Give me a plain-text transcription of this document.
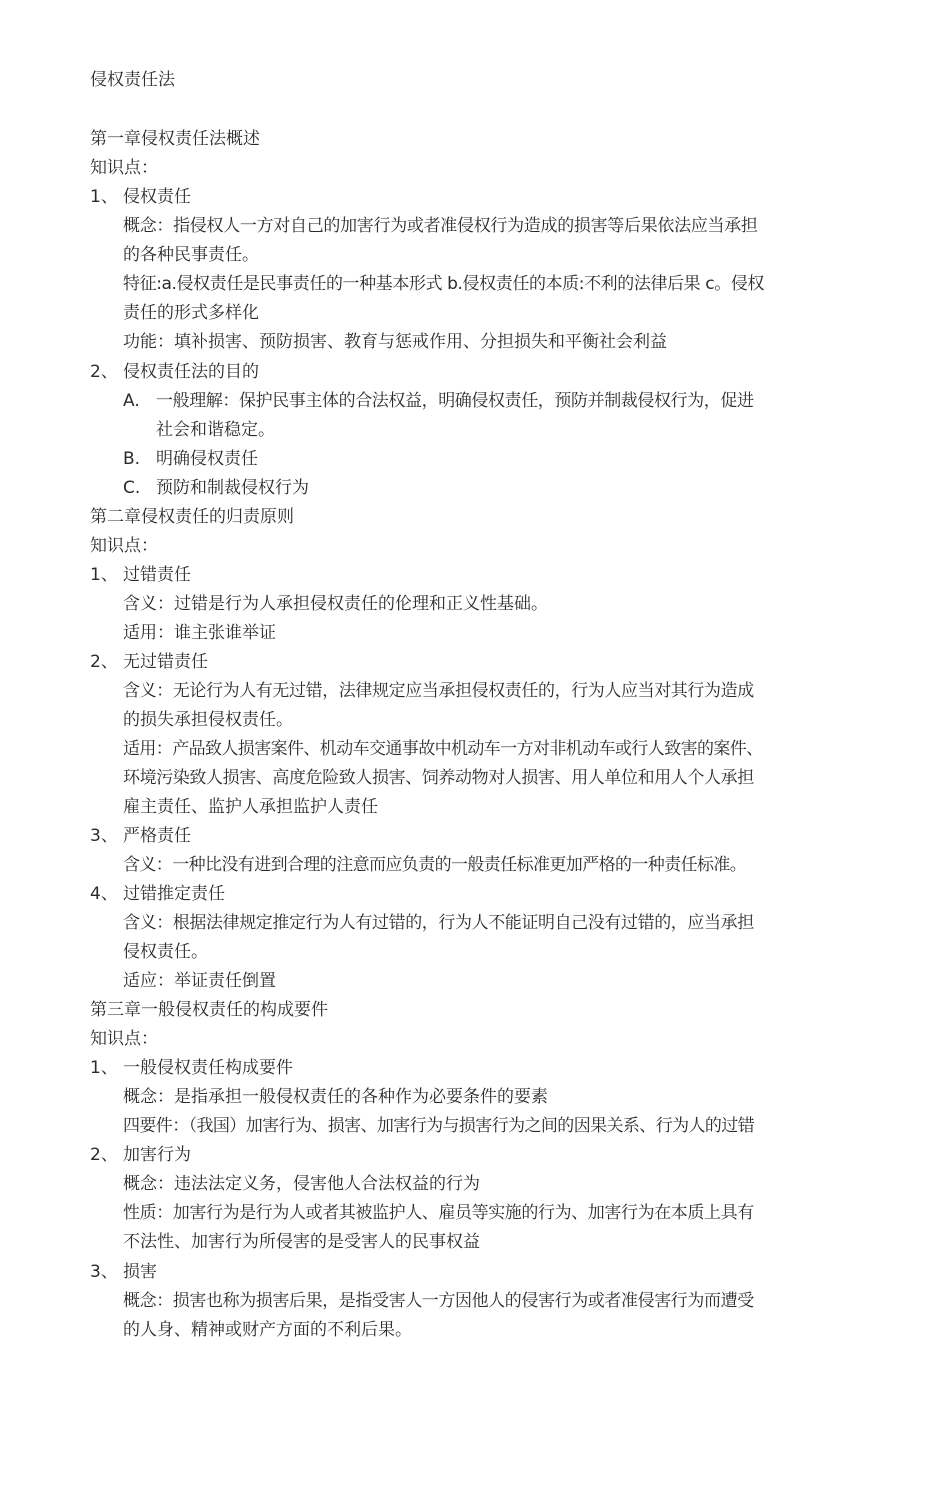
侵权责任法
第一章侵权责任法概述
知识点：
1、 侵权责任
概念：指侵权人一方对自己的加害行为或者准侵权行为造成的损害等后果依法应当承担
的各种民事责任。
特征:a.侵权责任是民事责任的一种基本形式 b.侵权责任的本质:不利的法律后果 c。侵权
责任的形式多样化
功能：填补损害、预防损害、教育与惩戒作用、分担损失和平衡社会利益
2、 侵权责任法的目的
A. 一般理解：保护民事主体的合法权益，明确侵权责任，预防并制裁侵权行为，促进
社会和谐稳定。
B. 明确侵权责任
C. 预防和制裁侵权行为
第二章侵权责任的归责原则
知识点：
1、 过错责任
含义：过错是行为人承担侵权责任的伦理和正义性基础。
适用：谁主张谁举证
2、 无过错责任
含义：无论行为人有无过错，法律规定应当承担侵权责任的，行为人应当对其行为造成
的损失承担侵权责任。
适用：产品致人损害案件、机动车交通事故中机动车一方对非机动车或行人致害的案件、
环境污染致人损害、高度危险致人损害、饲养动物对人损害、用人单位和用人个人承担
雇主责任、监护人承担监护人责任
3、 严格责任
含义：一种比没有进到合理的注意而应负责的一般责任标准更加严格的一种责任标准。
4、 过错推定责任
含义：根据法律规定推定行为人有过错的，行为人不能证明自己没有过错的，应当承担
侵权责任。
适应：举证责任倒置
第三章一般侵权责任的构成要件
知识点：
1、 一般侵权责任构成要件
概念：是指承担一般侵权责任的各种作为必要条件的要素
四要件：（我国）加害行为、损害、加害行为与损害行为之间的因果关系、行为人的过错
2、 加害行为
概念：违法法定义务，侵害他人合法权益的行为
性质：加害行为是行为人或者其被监护人、雇员等实施的行为、加害行为在本质上具有
不法性、加害行为所侵害的是受害人的民事权益
3、 损害
概念：损害也称为损害后果，是指受害人一方因他人的侵害行为或者准侵害行为而遭受
的人身、精神或财产方面的不利后果。
